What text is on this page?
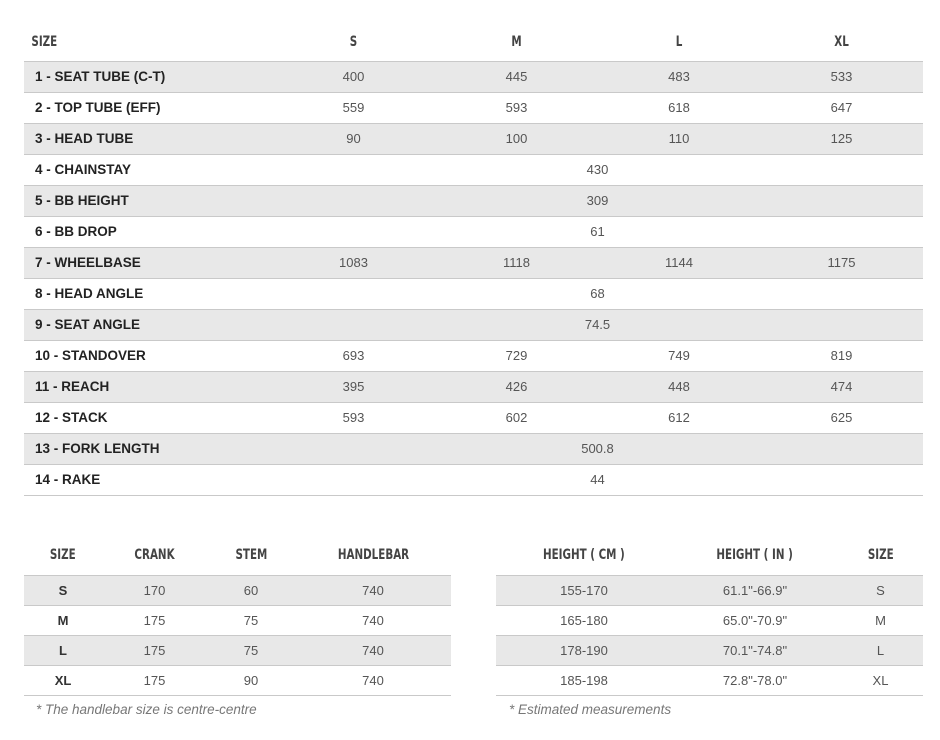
SIZE	S	M	L	XL
1 - SEAT TUBE (C-T)	400	445	483	533
2 - TOP TUBE (EFF)	559	593	618	647
3 - HEAD TUBE	90	100	110	125
4 - CHAINSTAY	430			
5 - BB HEIGHT	309			
6 - BB DROP	61			
7 - WHEELBASE	1083	1118	1144	1175
8 - HEAD ANGLE	68			
9 - SEAT ANGLE	74.5			
10 - STANDOVER	693	729	749	819
11 - REACH	395	426	448	474
12 - STACK	593	602	612	625
13 - FORK LENGTH	500.8			
14 - RAKE	44			
SIZE	CRANK	STEM	HANDLEBAR
S	170	60	740
M	175	75	740
L	175	75	740
XL	175	90	740
HEIGHT ( CM )	HEIGHT ( IN )	SIZE
155-170	61.1"-66.9"	S
165-180	65.0"-70.9"	M
178-190	70.1"-74.8"	L
185-198	72.8"-78.0"	XL
* The handlebar size is centre-centre	* Estimated measurements
